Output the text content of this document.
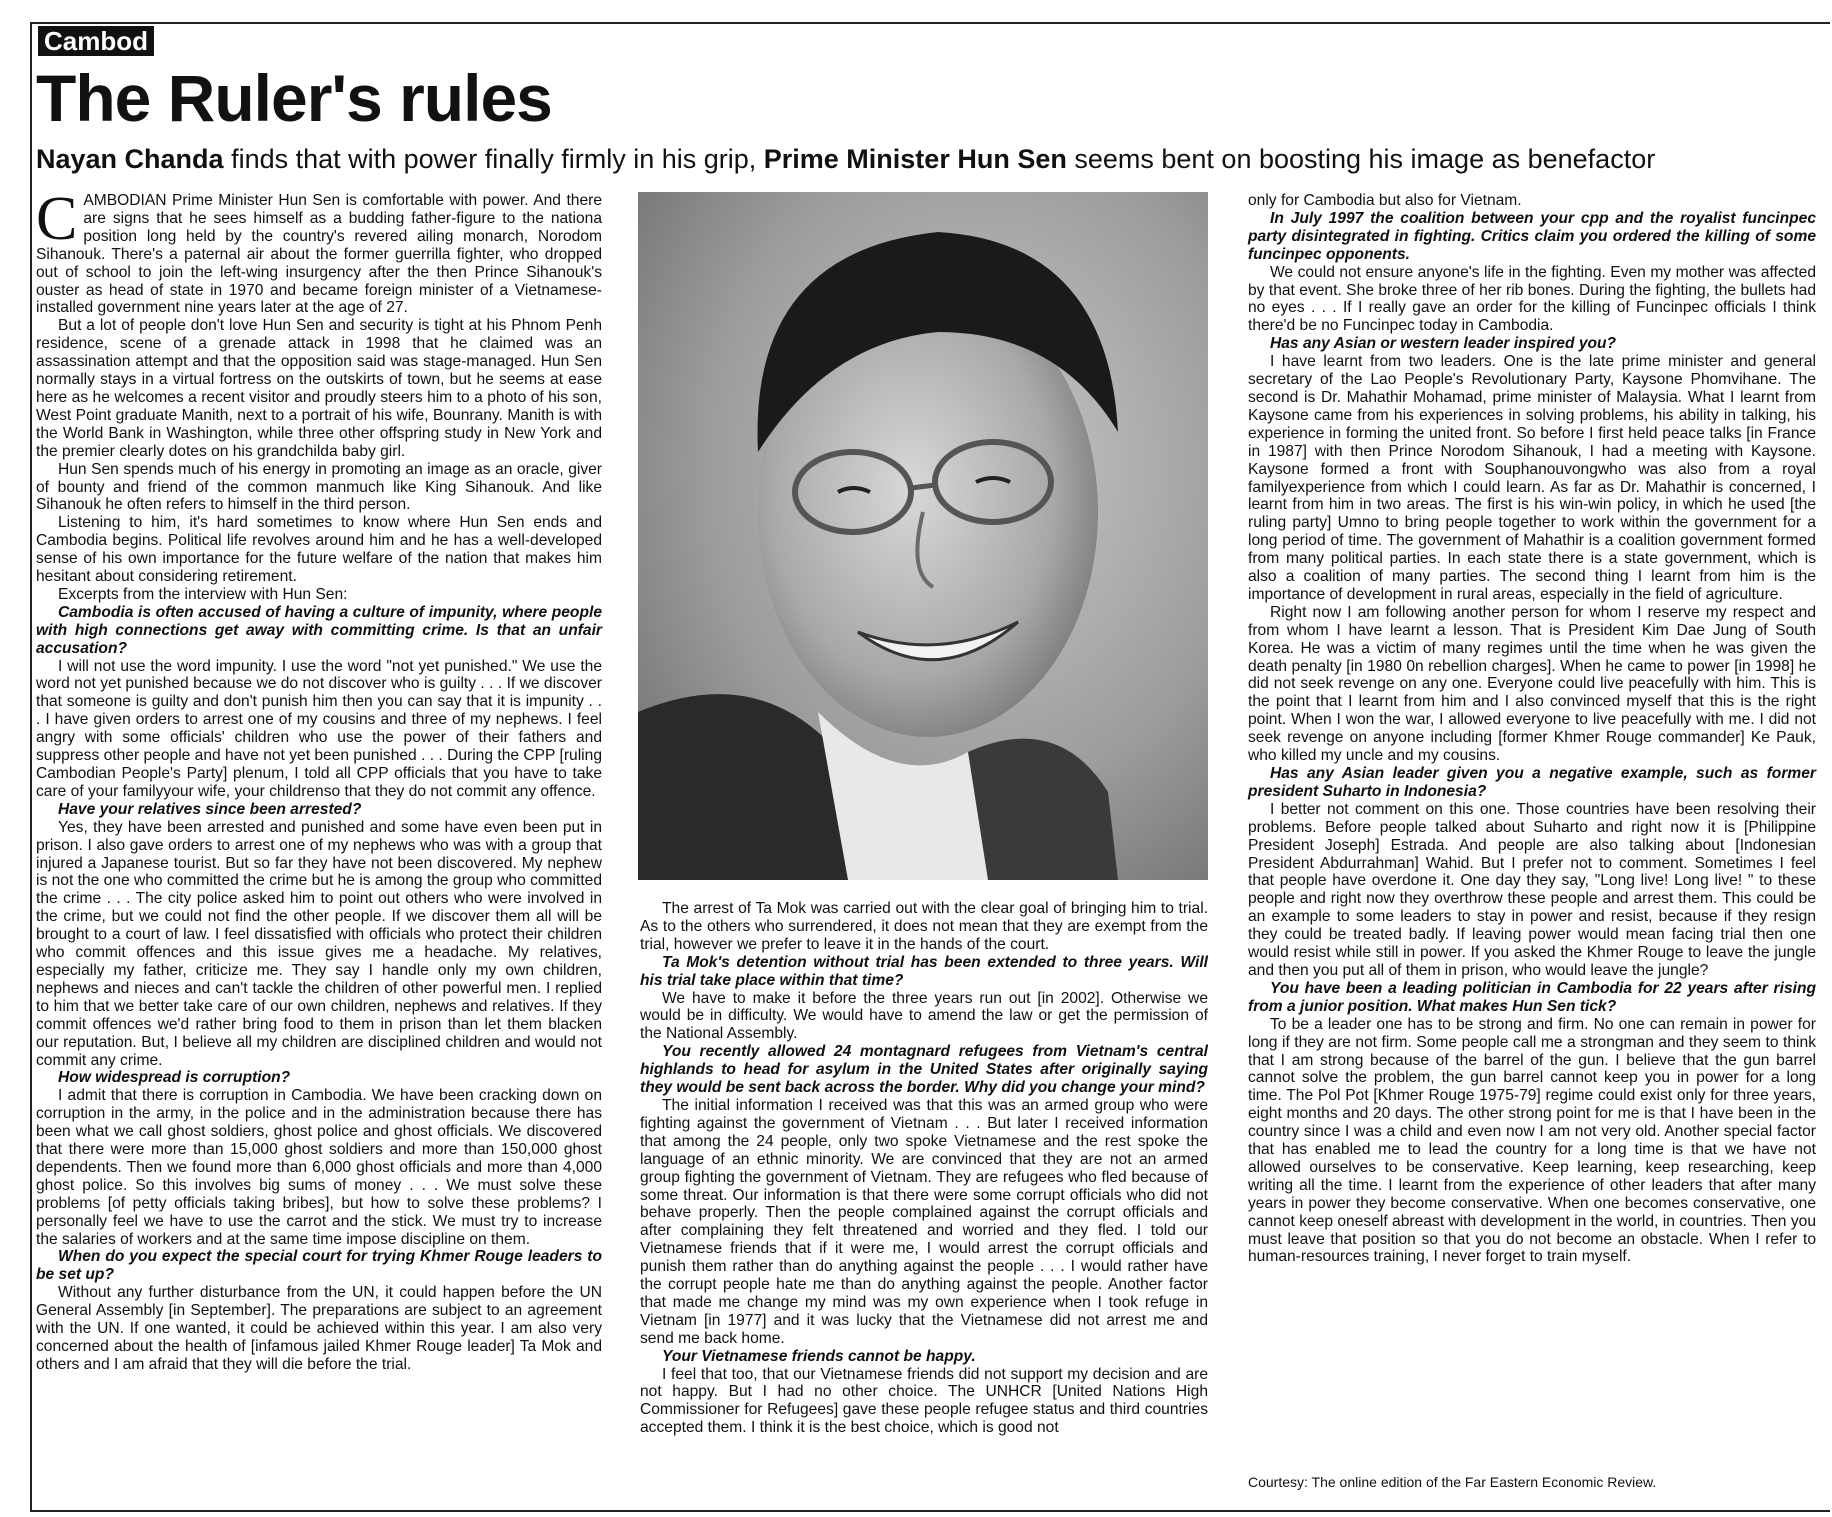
Cambod
The Ruler's rules
Nayan Chanda finds that with power finally firmly in his grip, Prime Minister Hun Sen seems bent on boosting his image as benefactor
C AMBODIAN Prime Minister Hun Sen is comfortable with power. And there are signs that he sees himself as a budding father-figure to the nationa position long held by the country's revered ailing monarch, Norodom Sihanouk. There's a paternal air about the former guerrilla fighter, who dropped out of school to join the left-wing insurgency after the then Prince Sihanouk's ouster as head of state in 1970 and became foreign minister of a Vietnamese-installed government nine years later at the age of 27.

But a lot of people don't love Hun Sen and security is tight at his Phnom Penh residence, scene of a grenade attack in 1998 that he claimed was an assassination attempt and that the opposition said was stage-managed. Hun Sen normally stays in a virtual fortress on the outskirts of town, but he seems at ease here as he welcomes a recent visitor and proudly steers him to a photo of his son, West Point graduate Manith, next to a portrait of his wife, Bounrany. Manith is with the World Bank in Washington, while three other offspring study in New York and the premier clearly dotes on his grandchilda baby girl.

Hun Sen spends much of his energy in promoting an image as an oracle, giver of bounty and friend of the common manmuch like King Sihanouk. And like Sihanouk he often refers to himself in the third person.

Listening to him, it's hard sometimes to know where Hun Sen ends and Cambodia begins. Political life revolves around him and he has a well-developed sense of his own importance for the future welfare of the nation that makes him hesitant about considering retirement.

Excerpts from the interview with Hun Sen:

Cambodia is often accused of having a culture of impunity, where people with high connections get away with committing crime. Is that an unfair accusation?

I will not use the word impunity. I use the word "not yet punished." We use the word not yet punished because we do not discover who is guilty . . . If we discover that someone is guilty and don't punish him then you can say that it is impunity . . . I have given orders to arrest one of my cousins and three of my nephews. I feel angry with some officials' children who use the power of their fathers and suppress other people and have not yet been punished . . . During the CPP [ruling Cambodian People's Party] plenum, I told all CPP officials that you have to take care of your familyyour wife, your childrenso that they do not commit any offence.

Have your relatives since been arrested?

Yes, they have been arrested and punished and some have even been put in prison. I also gave orders to arrest one of my nephews who was with a group that injured a Japanese tourist. But so far they have not been discovered. My nephew is not the one who committed the crime but he is among the group who committed the crime . . . The city police asked him to point out others who were involved in the crime, but we could not find the other people. If we discover them all will be brought to a court of law. I feel dissatisfied with officials who protect their children who commit offences and this issue gives me a headache. My relatives, especially my father, criticize me. They say I handle only my own children, nephews and nieces and can't tackle the children of other powerful men. I replied to him that we better take care of our own children, nephews and relatives. If they commit offences we'd rather bring food to them in prison than let them blacken our reputation. But, I believe all my children are disciplined children and would not commit any crime.

How widespread is corruption?

I admit that there is corruption in Cambodia. We have been cracking down on corruption in the army, in the police and in the administration because there has been what we call ghost soldiers, ghost police and ghost officials. We discovered that there were more than 15,000 ghost soldiers and more than 150,000 ghost dependents. Then we found more than 6,000 ghost officials and more than 4,000 ghost police. So this involves big sums of money . . . We must solve these problems [of petty officials taking bribes], but how to solve these problems? I personally feel we have to use the carrot and the stick. We must try to increase the salaries of workers and at the same time impose discipline on them.

When do you expect the special court for trying Khmer Rouge leaders to be set up?

Without any further disturbance from the UN, it could happen before the UN General Assembly [in September]. The preparations are subject to an agreement with the UN. If one wanted, it could be achieved within this year. I am also very concerned about the health of [infamous jailed Khmer Rouge leader] Ta Mok and others and I am afraid that they will die before the trial.

The arrest of Ta Mok was carried out with the clear goal of bringing him to trial. As to the others who surrendered, it does not mean that they are exempt from the trial, however we prefer to leave it in the hands of the court.

Ta Mok's detention without trial has been extended to three years. Will his trial take place within that time?

We have to make it before the three years run out [in 2002]. Otherwise we would be in difficulty. We would have to amend the law or get the permission of the National Assembly.

You recently allowed 24 montagnard refugees from Vietnam's central highlands to head for asylum in the United States after originally saying they would be sent back across the border. Why did you change your mind?

The initial information I received was that this was an armed group who were fighting against the government of Vietnam . . . But later I received information that among the 24 people, only two spoke Vietnamese and the rest spoke the language of an ethnic minority. We are convinced that they are not an armed group fighting the government of Vietnam. They are refugees who fled because of some threat. Our information is that there were some corrupt officials who did not behave properly. Then the people complained against the corrupt officials and after complaining they felt threatened and worried and they fled. I told our Vietnamese friends that if it were me, I would arrest the corrupt officials and punish them rather than do anything against the people . . . I would rather have the corrupt people hate me than do anything against the people. Another factor that made me change my mind was my own experience when I took refuge in Vietnam [in 1977] and it was lucky that the Vietnamese did not arrest me and send me back home.

Your Vietnamese friends cannot be happy.

I feel that too, that our Vietnamese friends did not support my decision and are not happy. But I had no other choice. The UNHCR [United Nations High Commissioner for Refugees] gave these people refugee status and third countries accepted them. I think it is the best choice, which is good not

only for Cambodia but also for Vietnam.

In July 1997 the coalition between your cpp and the royalist funcinpec party disintegrated in fighting. Critics claim you ordered the killing of some funcinpec opponents.

We could not ensure anyone's life in the fighting. Even my mother was affected by that event. She broke three of her rib bones. During the fighting, the bullets had no eyes . . . If I really gave an order for the killing of Funcinpec officials I think there'd be no Funcinpec today in Cambodia.

Has any Asian or western leader inspired you?

I have learnt from two leaders. One is the late prime minister and general secretary of the Lao People's Revolutionary Party, Kaysone Phomvihane. The second is Dr. Mahathir Mohamad, prime minister of Malaysia. What I learnt from Kaysone came from his experiences in solving problems, his ability in talking, his experience in forming the united front. So before I first held peace talks [in France in 1987] with then Prince Norodom Sihanouk, I had a meeting with Kaysone. Kaysone formed a front with Souphanouvongwho was also from a royal familyexperience from which I could learn. As far as Dr. Mahathir is concerned, I learnt from him in two areas. The first is his win-win policy, in which he used [the ruling party] Umno to bring people together to work within the government for a long period of time. The government of Mahathir is a coalition government formed from many political parties. In each state there is a state government, which is also a coalition of many parties. The second thing I learnt from him is the importance of development in rural areas, especially in the field of agriculture.

Right now I am following another person for whom I reserve my respect and from whom I have learnt a lesson. That is President Kim Dae Jung of South Korea. He was a victim of many regimes until the time when he was given the death penalty [in 1980 0n rebellion charges]. When he came to power [in 1998] he did not seek revenge on any one. Everyone could live peacefully with him. This is the point that I learnt from him and I also convinced myself that this is the right point. When I won the war, I allowed everyone to live peacefully with me. I did not seek revenge on anyone including [former Khmer Rouge commander] Ke Pauk, who killed my uncle and my cousins.

Has any Asian leader given you a negative example, such as former president Suharto in Indonesia?

I better not comment on this one. Those countries have been resolving their problems. Before people talked about Suharto and right now it is [Philippine President Joseph] Estrada. And people are also talking about [Indonesian President Abdurrahman] Wahid. But I prefer not to comment. Sometimes I feel that people have overdone it. One day they say, "Long live! Long live! " to these people and right now they overthrow these people and arrest them. This could be an example to some leaders to stay in power and resist, because if they resign they could be treated badly. If leaving power would mean facing trial then one would resist while still in power. If you asked the Khmer Rouge to leave the jungle and then you put all of them in prison, who would leave the jungle?

You have been a leading politician in Cambodia for 22 years after rising from a junior position. What makes Hun Sen tick?

To be a leader one has to be strong and firm. No one can remain in power for long if they are not firm. Some people call me a strongman and they seem to think that I am strong because of the barrel of the gun. I believe that the gun barrel cannot solve the problem, the gun barrel cannot keep you in power for a long time. The Pol Pot [Khmer Rouge 1975-79] regime could exist only for three years, eight months and 20 days. The other strong point for me is that I have been in the country since I was a child and even now I am not very old. Another special factor that has enabled me to lead the country for a long time is that we have not allowed ourselves to be conservative. Keep learning, keep researching, keep writing all the time. I learnt from the experience of other leaders that after many years in power they become conservative. When one becomes conservative, one cannot keep oneself abreast with development in the world, in countries. Then you must leave that position so that you do not become an obstacle. When I refer to human-resources training, I never forget to train myself.

Courtesy: The online edition of the Far Eastern Economic Review.
